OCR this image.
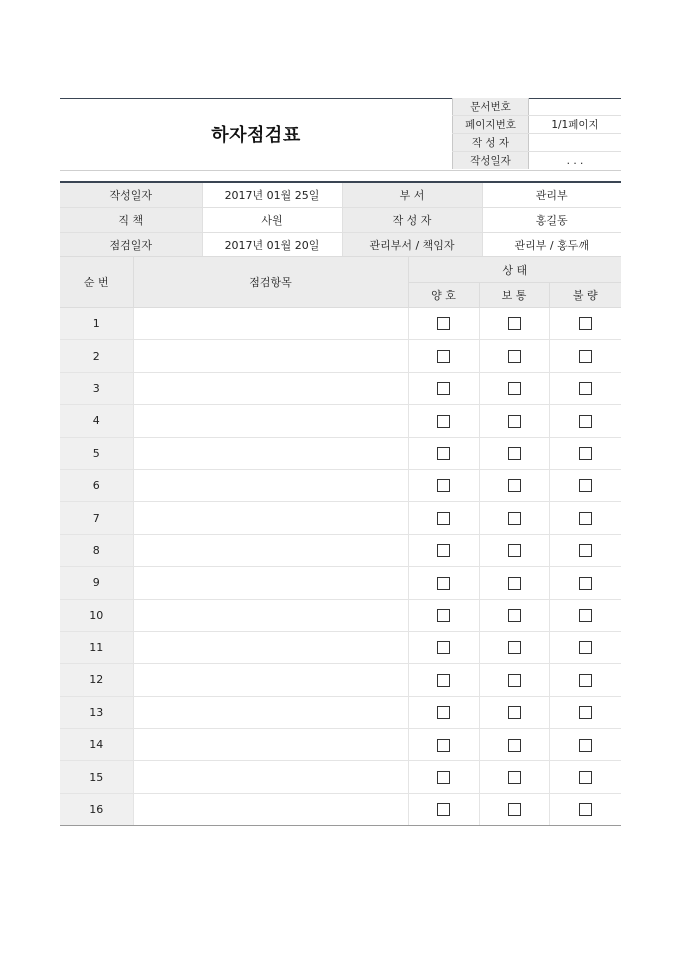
하자점검표
문서번호	
페이지번호	1/1페이지
작 성 자	
작성일자	. . .
작성일자	2017년 01월 25일	부 서	관리부
직 책	사원	작 성 자	홍길동
점검일자	2017년 01월 20일	관리부서 / 책임자	관리부 / 홍두깨
순 번	점검항목	상 태		
		양 호	보 통	불 량
1				
2				
3				
4				
5				
6				
7				
8				
9				
10				
11				
12				
13				
14				
15				
16				
